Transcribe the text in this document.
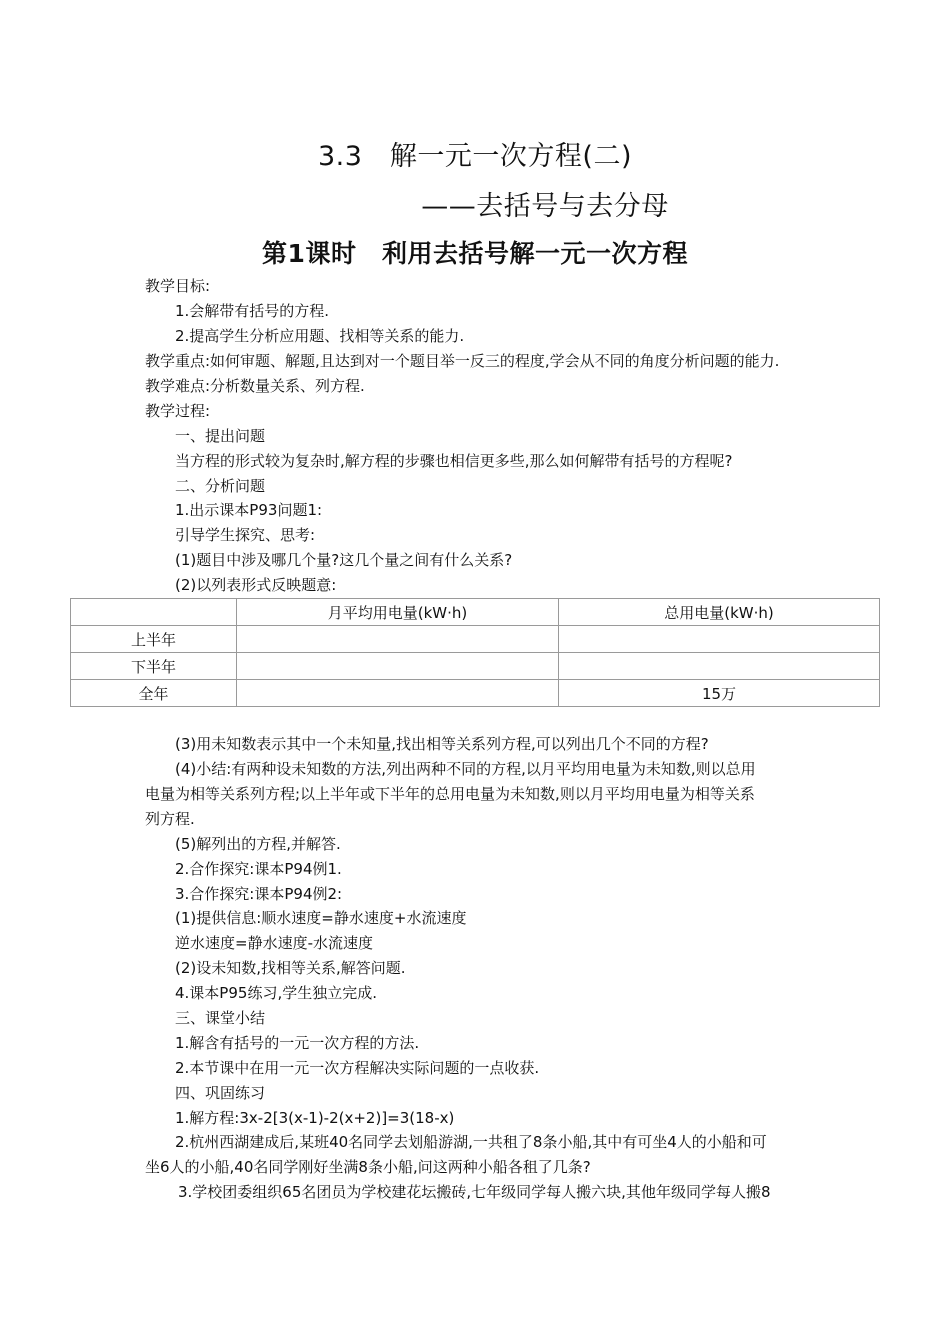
3.3　解一元一次方程(二)
——去括号与去分母
第1课时　利用去括号解一元一次方程
教学目标:
1.会解带有括号的方程.
2.提高学生分析应用题、找相等关系的能力.
教学重点:如何审题、解题,且达到对一个题目举一反三的程度,学会从不同的角度分析问题的能力.
教学难点:分析数量关系、列方程.
教学过程:
一、提出问题
当方程的形式较为复杂时,解方程的步骤也相信更多些,那么如何解带有括号的方程呢?
二、分析问题
1.出示课本P93问题1:
引导学生探究、思考:
(1)题目中涉及哪几个量?这几个量之间有什么关系?
(2)以列表形式反映题意:
	月平均用电量(kW·h)	总用电量(kW·h)
上半年		
下半年		
全年		15万
(3)用未知数表示其中一个未知量,找出相等关系列方程,可以列出几个不同的方程?
(4)小结:有两种设未知数的方法,列出两种不同的方程,以月平均用电量为未知数,则以总用
电量为相等关系列方程;以上半年或下半年的总用电量为未知数,则以月平均用电量为相等关系
列方程.
(5)解列出的方程,并解答.
2.合作探究:课本P94例1.
3.合作探究:课本P94例2:
(1)提供信息:顺水速度=静水速度+水流速度
逆水速度=静水速度-水流速度
(2)设未知数,找相等关系,解答问题.
4.课本P95练习,学生独立完成.
三、课堂小结
1.解含有括号的一元一次方程的方法.
2.本节课中在用一元一次方程解决实际问题的一点收获.
四、巩固练习
1.解方程:3x-2[3(x-1)-2(x+2)]=3(18-x)
2.杭州西湖建成后,某班40名同学去划船游湖,一共租了8条小船,其中有可坐4人的小船和可
坐6人的小船,40名同学刚好坐满8条小船,问这两种小船各租了几条?
3.学校团委组织65名团员为学校建花坛搬砖,七年级同学每人搬六块,其他年级同学每人搬8
